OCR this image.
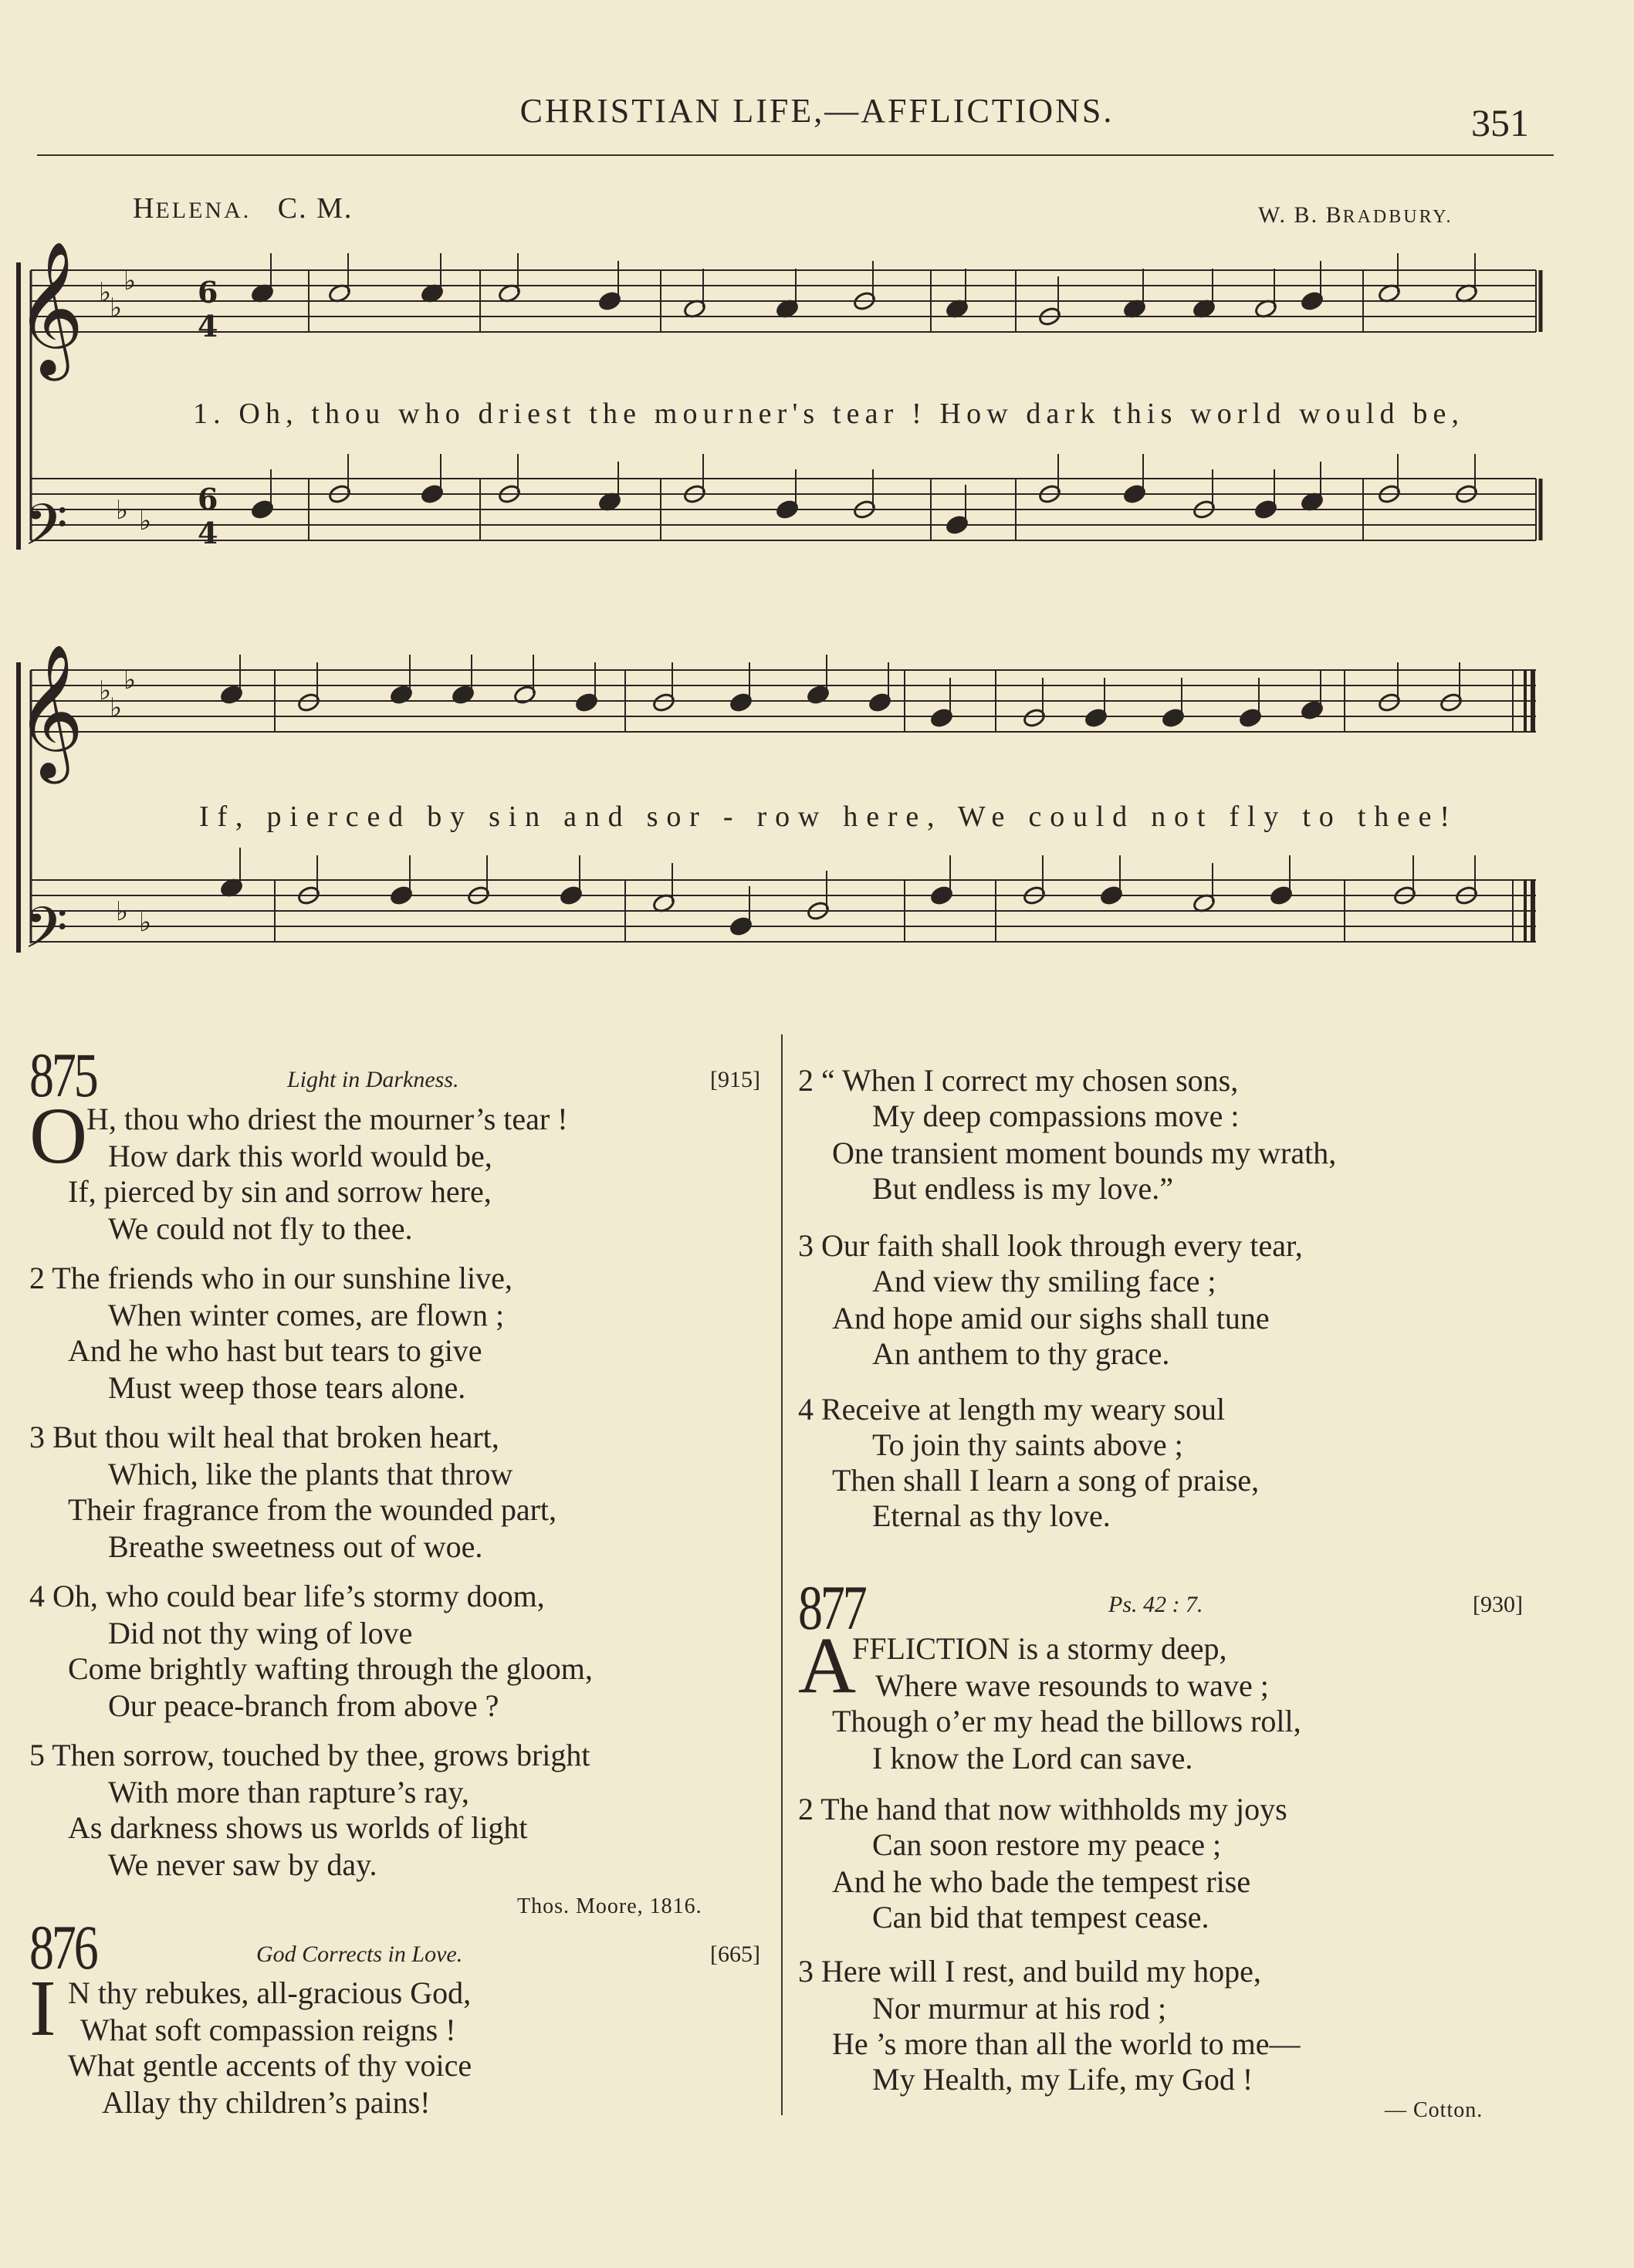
CHRISTIAN LIFE,—AFFLICTIONS.	351
HELENA. C. M.	W. B. BRADBURY.
𝄞
𝄢
𝄞
𝄢
♭ ♭
♭
♭ ♭
♭
♭ ♭
♭ ♭
6
4
6
4
1. Oh, thou who driest the mourner's tear ! How dark this world would be,
If, pierced by sin and sor - row here, We could not fly to thee!
875	Light in Darkness.	[915]
O
H, thou who driest the mourner’s tear !
How dark this world would be,
If, pierced by sin and sorrow here,
We could not fly to thee.
2 The friends who in our sunshine live,
When winter comes, are flown ;
And he who hast but tears to give
Must weep those tears alone.
3 But thou wilt heal that broken heart,
Which, like the plants that throw
Their fragrance from the wounded part,
Breathe sweetness out of woe.
4 Oh, who could bear life’s stormy doom,
Did not thy wing of love
Come brightly wafting through the gloom,
Our peace-branch from above ?
5 Then sorrow, touched by thee, grows bright
With more than rapture’s ray,
As darkness shows us worlds of light
We never saw by day.
Thos. Moore, 1816.
876	God Corrects in Love.	[665]
I N thy rebukes, all-gracious God,
What soft compassion reigns !
What gentle accents of thy voice
Allay thy children’s pains!
2 “ When I correct my chosen sons,
My deep compassions move :
One transient moment bounds my wrath,
But endless is my love.”
3 Our faith shall look through every tear,
And view thy smiling face ;
And hope amid our sighs shall tune
An anthem to thy grace.
4 Receive at length my weary soul
To join thy saints above ;
Then shall I learn a song of praise,
Eternal as thy love.
877	Ps. 42 : 7.	[930]
A
FFLICTION is a stormy deep,
Where wave resounds to wave ;
Though o’er my head the billows roll,
I know the Lord can save.
2 The hand that now withholds my joys
Can soon restore my peace ;
And he who bade the tempest rise
Can bid that tempest cease.
3 Here will I rest, and build my hope,
Nor murmur at his rod ;
He ’s more than all the world to me—
My Health, my Life, my God !
— Cotton.
